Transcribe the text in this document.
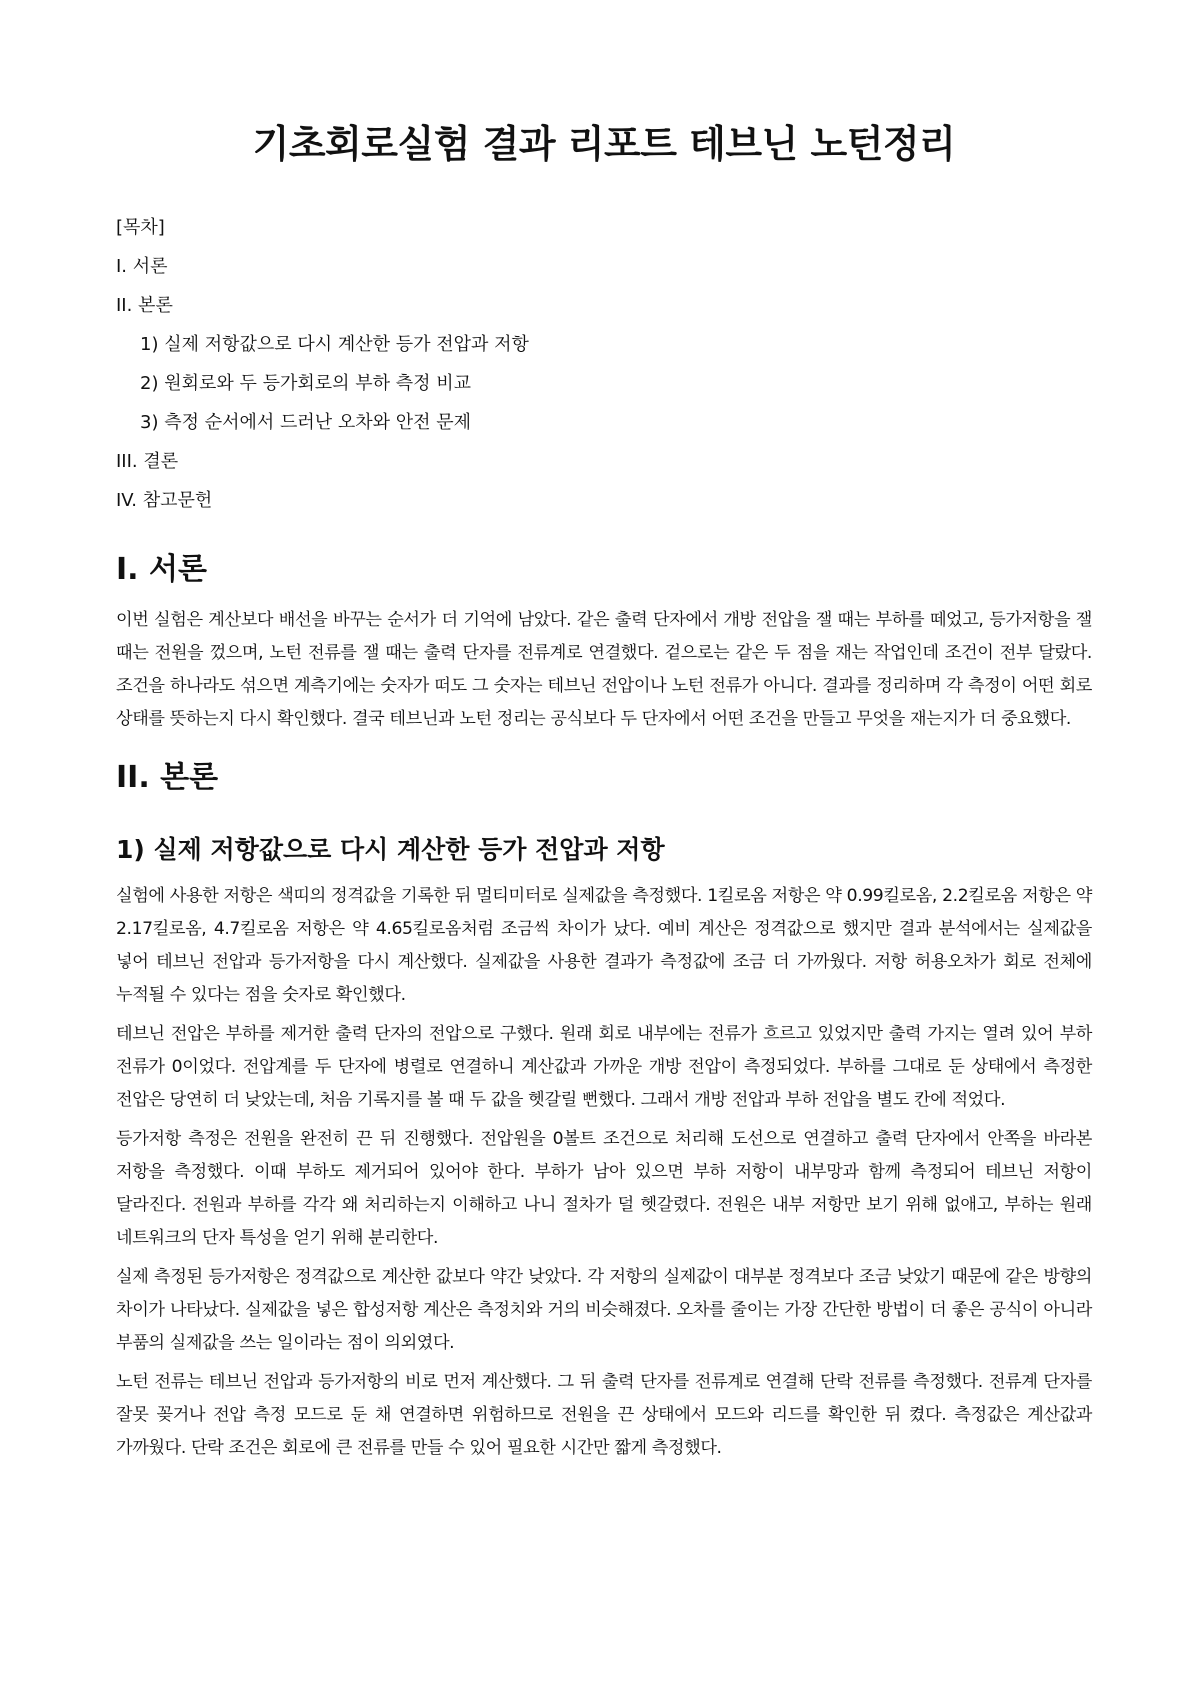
기초회로실험 결과 리포트 테브닌 노턴정리
[목차]
I. 서론
II. 본론
1) 실제 저항값으로 다시 계산한 등가 전압과 저항
2) 원회로와 두 등가회로의 부하 측정 비교
3) 측정 순서에서 드러난 오차와 안전 문제
III. 결론
IV. 참고문헌
I. 서론

이번 실험은 계산보다 배선을 바꾸는 순서가 더 기억에 남았다. 같은 출력 단자에서 개방 전압을 잴 때는 부하를 떼었고, 등가저항을 잴 때는 전원을 껐으며, 노턴 전류를 잴 때는 출력 단자를 전류계로 연결했다. 겉으로는 같은 두 점을 재는 작업인데 조건이 전부 달랐다. 조건을 하나라도 섞으면 계측기에는 숫자가 떠도 그 숫자는 테브닌 전압이나 노턴 전류가 아니다. 결과를 정리하며 각 측정이 어떤 회로 상태를 뜻하는지 다시 확인했다. 결국 테브닌과 노턴 정리는 공식보다 두 단자에서 어떤 조건을 만들고 무엇을 재는지가 더 중요했다.

II. 본론
1) 실제 저항값으로 다시 계산한 등가 전압과 저항

실험에 사용한 저항은 색띠의 정격값을 기록한 뒤 멀티미터로 실제값을 측정했다. 1킬로옴 저항은 약 0.99킬로옴, 2.2킬로옴 저항은 약 2.17킬로옴, 4.7킬로옴 저항은 약 4.65킬로옴처럼 조금씩 차이가 났다. 예비 계산은 정격값으로 했지만 결과 분석에서는 실제값을 넣어 테브닌 전압과 등가저항을 다시 계산했다. 실제값을 사용한 결과가 측정값에 조금 더 가까웠다. 저항 허용오차가 회로 전체에 누적될 수 있다는 점을 숫자로 확인했다.

테브닌 전압은 부하를 제거한 출력 단자의 전압으로 구했다. 원래 회로 내부에는 전류가 흐르고 있었지만 출력 가지는 열려 있어 부하 전류가 0이었다. 전압계를 두 단자에 병렬로 연결하니 계산값과 가까운 개방 전압이 측정되었다. 부하를 그대로 둔 상태에서 측정한 전압은 당연히 더 낮았는데, 처음 기록지를 볼 때 두 값을 헷갈릴 뻔했다. 그래서 개방 전압과 부하 전압을 별도 칸에 적었다.

등가저항 측정은 전원을 완전히 끈 뒤 진행했다. 전압원을 0볼트 조건으로 처리해 도선으로 연결하고 출력 단자에서 안쪽을 바라본 저항을 측정했다. 이때 부하도 제거되어 있어야 한다. 부하가 남아 있으면 부하 저항이 내부망과 함께 측정되어 테브닌 저항이 달라진다. 전원과 부하를 각각 왜 처리하는지 이해하고 나니 절차가 덜 헷갈렸다. 전원은 내부 저항만 보기 위해 없애고, 부하는 원래 네트워크의 단자 특성을 얻기 위해 분리한다.

실제 측정된 등가저항은 정격값으로 계산한 값보다 약간 낮았다. 각 저항의 실제값이 대부분 정격보다 조금 낮았기 때문에 같은 방향의 차이가 나타났다. 실제값을 넣은 합성저항 계산은 측정치와 거의 비슷해졌다. 오차를 줄이는 가장 간단한 방법이 더 좋은 공식이 아니라 부품의 실제값을 쓰는 일이라는 점이 의외였다.

노턴 전류는 테브닌 전압과 등가저항의 비로 먼저 계산했다. 그 뒤 출력 단자를 전류계로 연결해 단락 전류를 측정했다. 전류계 단자를 잘못 꽂거나 전압 측정 모드로 둔 채 연결하면 위험하므로 전원을 끈 상태에서 모드와 리드를 확인한 뒤 켰다. 측정값은 계산값과 가까웠다. 단락 조건은 회로에 큰 전류를 만들 수 있어 필요한 시간만 짧게 측정했다.
